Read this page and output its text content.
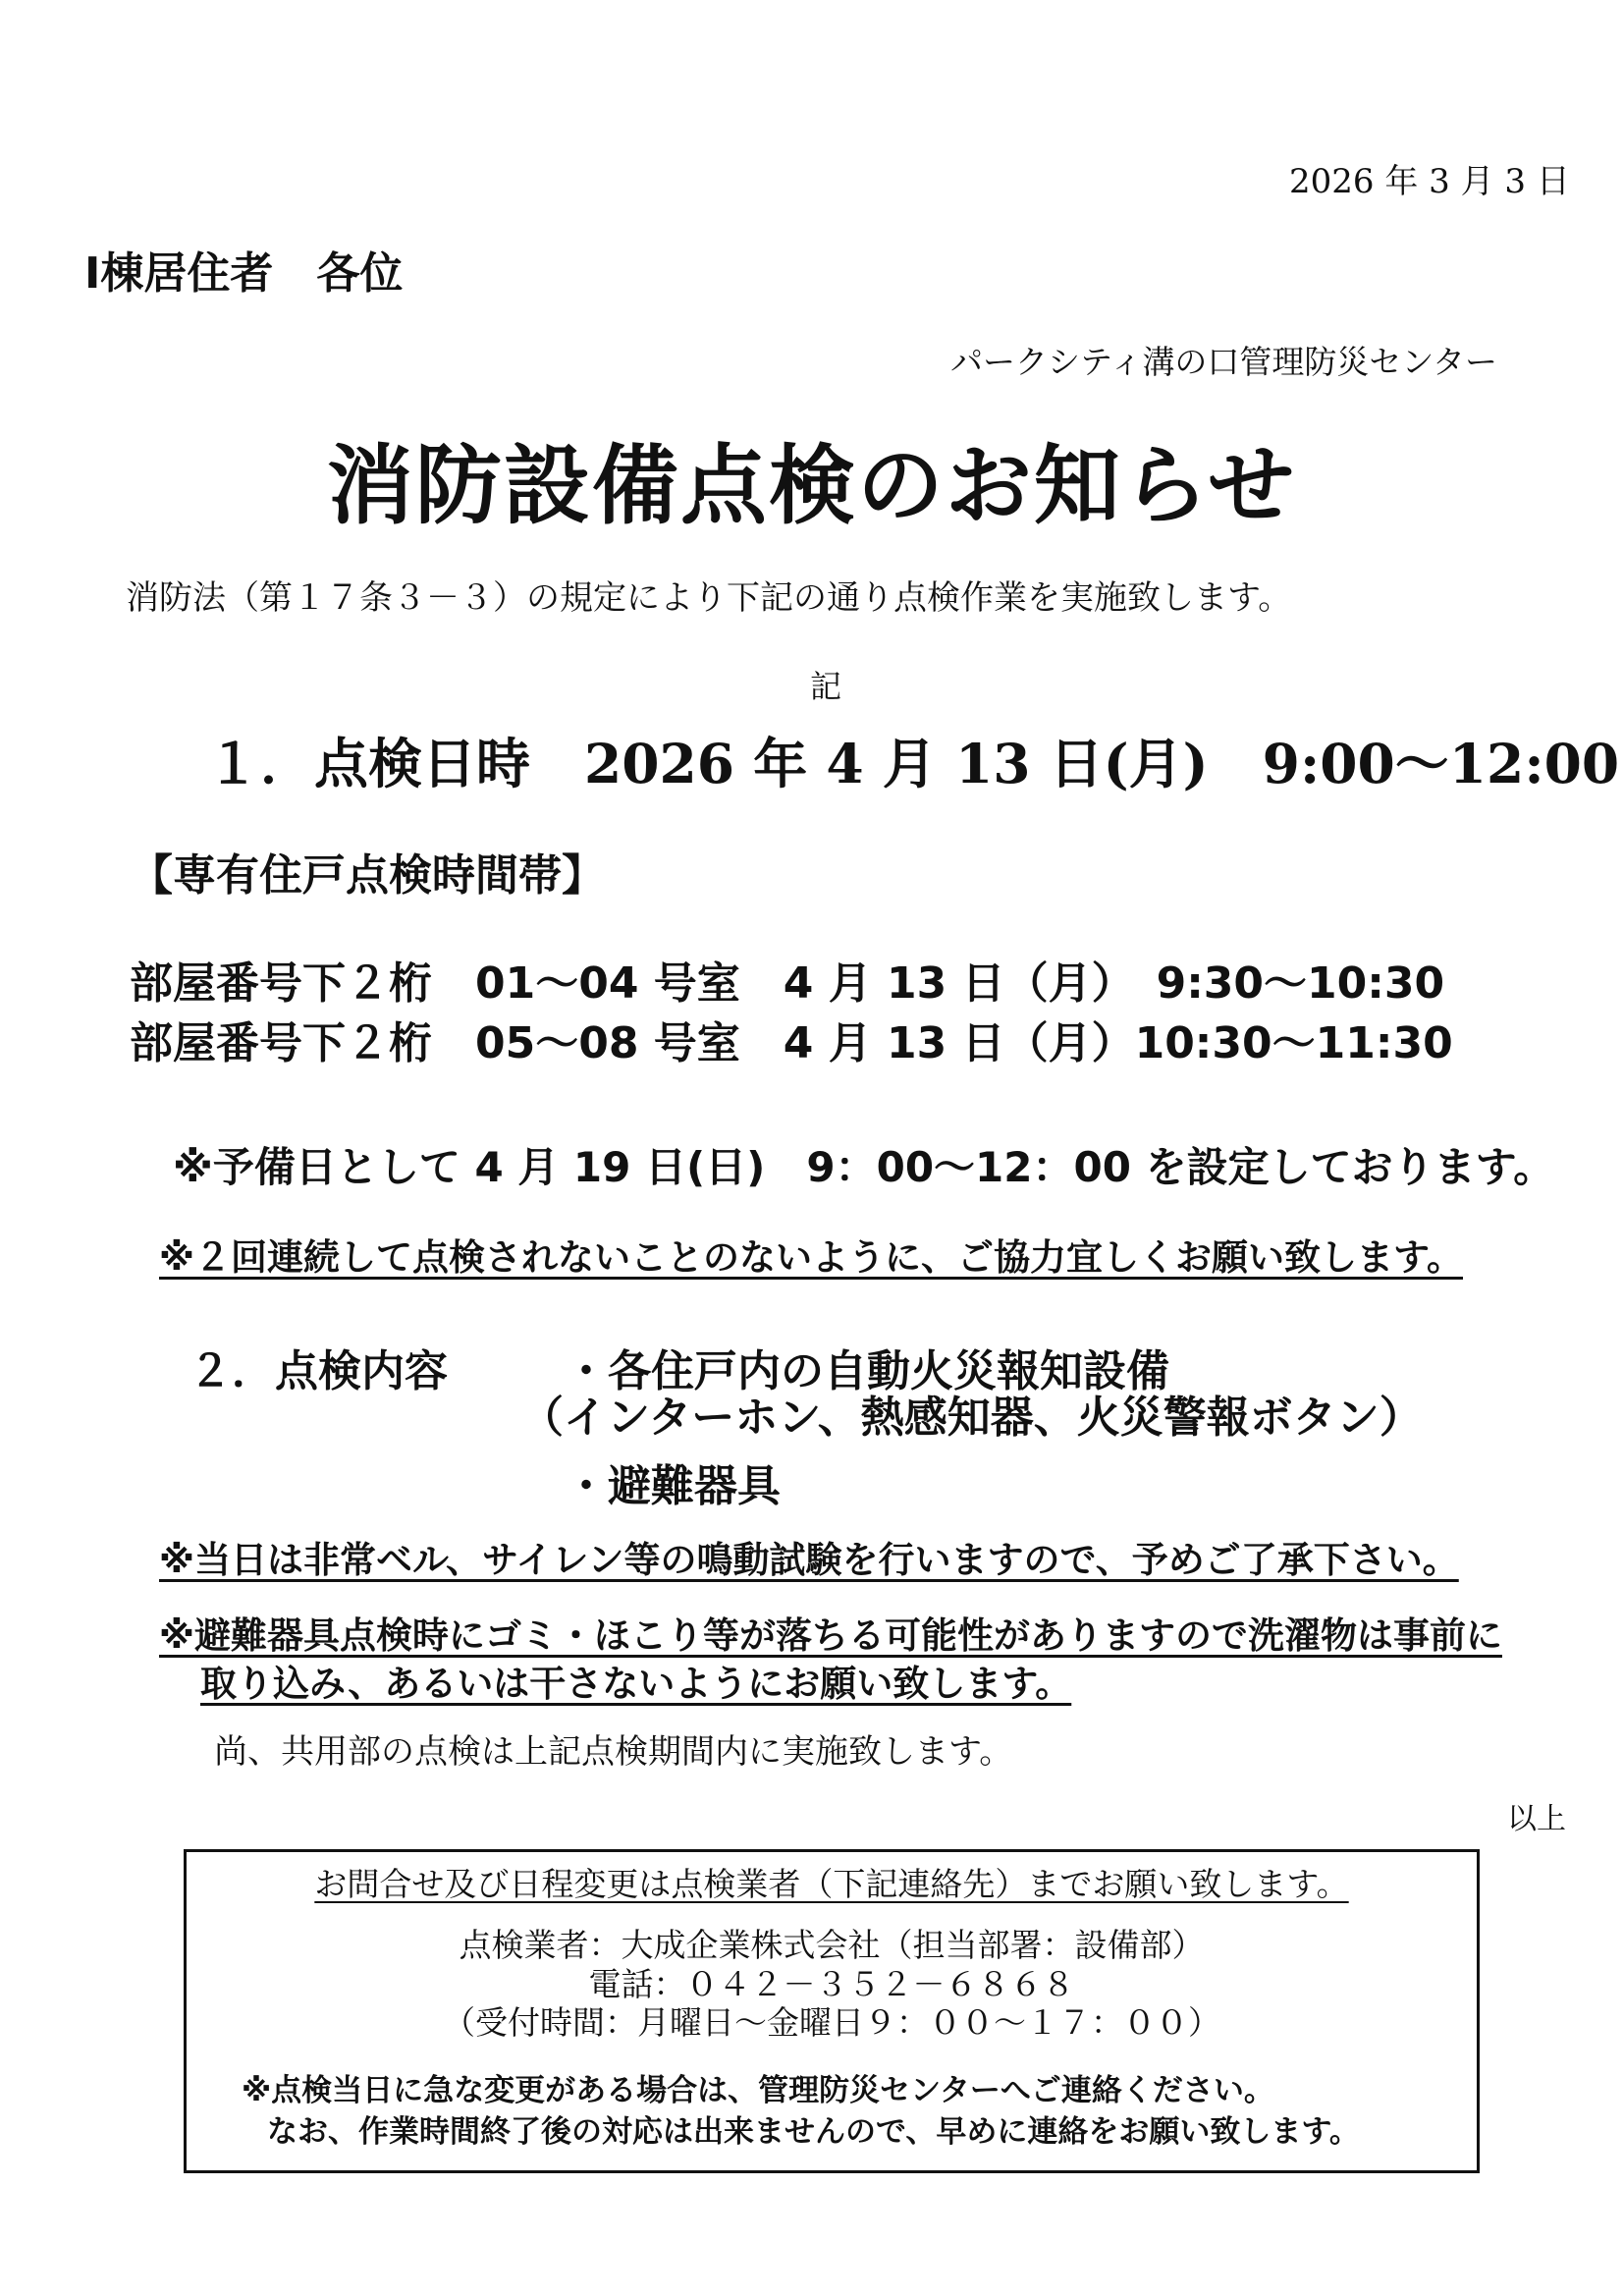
2026 年 3 月 3 日
Ⅰ棟居住者　各位
パークシティ溝の口管理防災センター
消防設備点検のお知らせ
消防法（第１７条３－３）の規定により下記の通り点検作業を実施致します。
記
１．点検日時　2026 年 4 月 13 日(月)　9:00～12:00
【専有住戸点検時間帯】
部屋番号下２桁　01～04 号室　4 月 13 日（月）　9:30～10:30
部屋番号下２桁　05～08 号室　4 月 13 日（月）10:30～11:30
※予備日として 4 月 19 日(日)　9：00～12：00 を設定しております。
※２回連続して点検されないことのないように、ご協力宜しくお願い致します。
２．点検内容	・各住戸内の自動火災報知設備
（インターホン、熱感知器、火災警報ボタン）
・避難器具
※当日は非常ベル、サイレン等の鳴動試験を行いますので、予めご了承下さい。
※避難器具点検時にゴミ・ほこり等が落ちる可能性がありますので洗濯物は事前に
取り込み、あるいは干さないようにお願い致します。
尚、共用部の点検は上記点検期間内に実施致します。
以上
お問合せ及び日程変更は点検業者（下記連絡先）までお願い致します。
点検業者：大成企業株式会社（担当部署：設備部）
電話：０４２－３５２－６８６８
（受付時間：月曜日～金曜日９：００～１７：００）
※点検当日に急な変更がある場合は、管理防災センターへご連絡ください。
なお、作業時間終了後の対応は出来ませんので、早めに連絡をお願い致します。
